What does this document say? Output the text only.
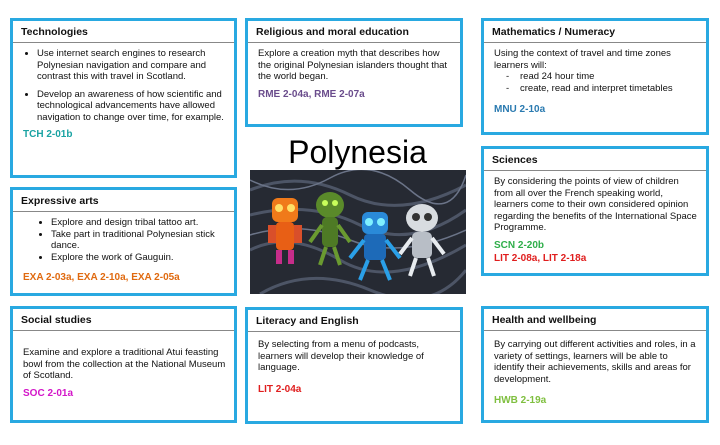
Technologies
• Use internet search engines to research Polynesian navigation and compare and contrast this with travel in Scotland.
• Develop an awareness of how scientific and technological advancements have allowed navigation to change over time, for example.
TCH 2-01b
Religious and moral education

Explore a creation myth that describes how the original Polynesian islanders thought that the world began.

RME 2-04a, RME 2-07a
Mathematics / Numeracy

Using the context of travel and time zones learners will:

- read 24 hour time
- create, read and interpret timetables
MNU 2-10a
Polynesia
Expressive arts
• Explore and design tribal tattoo art.
• Take part in traditional Polynesian stick dance.
• Explore the work of Gauguin.
EXA 2-03a, EXA 2-10a, EXA 2-05a
Sciences

By considering the points of view of children from all over the French speaking world, learners come to their own considered opinion regarding the benefits of the International Space Programme.

SCN 2-20b
LIT 2-08a, LIT 2-18a
Social studies

Examine and explore a traditional Atui feasting bowl from the collection at the National Museum of Scotland.

SOC 2-01a
Literacy and English

By selecting from a menu of podcasts, learners will develop their knowledge of language.

LIT 2-04a
Health and wellbeing

By carrying out different activities and roles, in a variety of settings, learners will be able to identify their achievements, skills and areas for development.

HWB 2-19a
